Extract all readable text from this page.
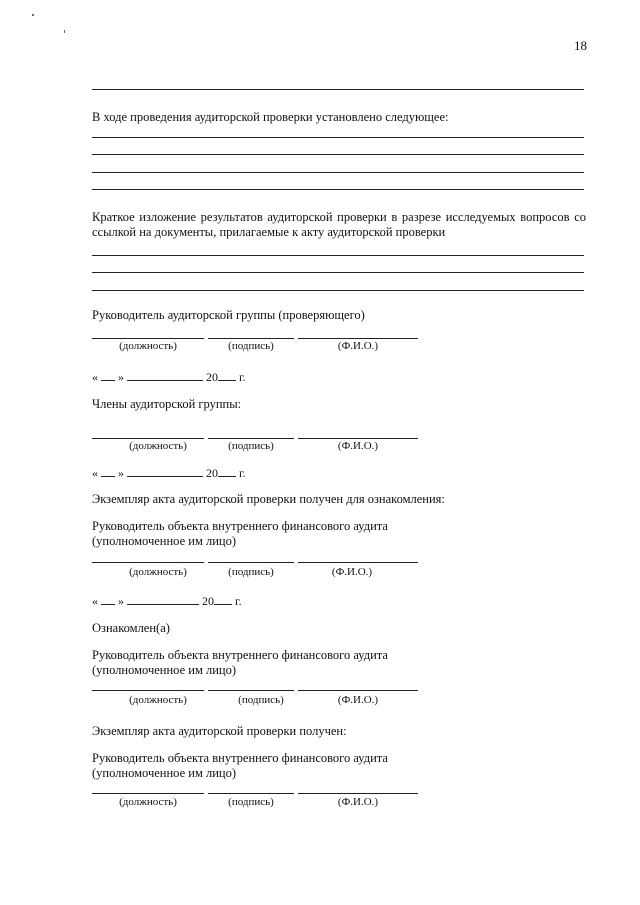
18
В ходе проведения аудиторской проверки установлено следующее:
Краткое изложение результатов аудиторской проверки в разрезе исследуемых вопросов со ссылкой на документы, прилагаемые к акту аудиторской проверки
Руководитель аудиторской группы (проверяющего)
(должность)	(подпись)	(Ф.И.О.)
« »	20 г.
Члены аудиторской группы:
(должность)	(подпись)	(Ф.И.О.)
« »	20 г.
Экземпляр акта аудиторской проверки получен для ознакомления:
Руководитель объекта внутреннего финансового аудита
(уполномоченное им лицо)
(должность)	(подпись)	(Ф.И.О.)
« »	20 г.
Ознакомлен(а)
Руководитель объекта внутреннего финансового аудита
(уполномоченное им лицо)
(должность)	(подпись)	(Ф.И.О.)
Экземпляр акта аудиторской проверки получен:
Руководитель объекта внутреннего финансового аудита
(уполномоченное им лицо)
(должность)	(подпись)	(Ф.И.О.)
